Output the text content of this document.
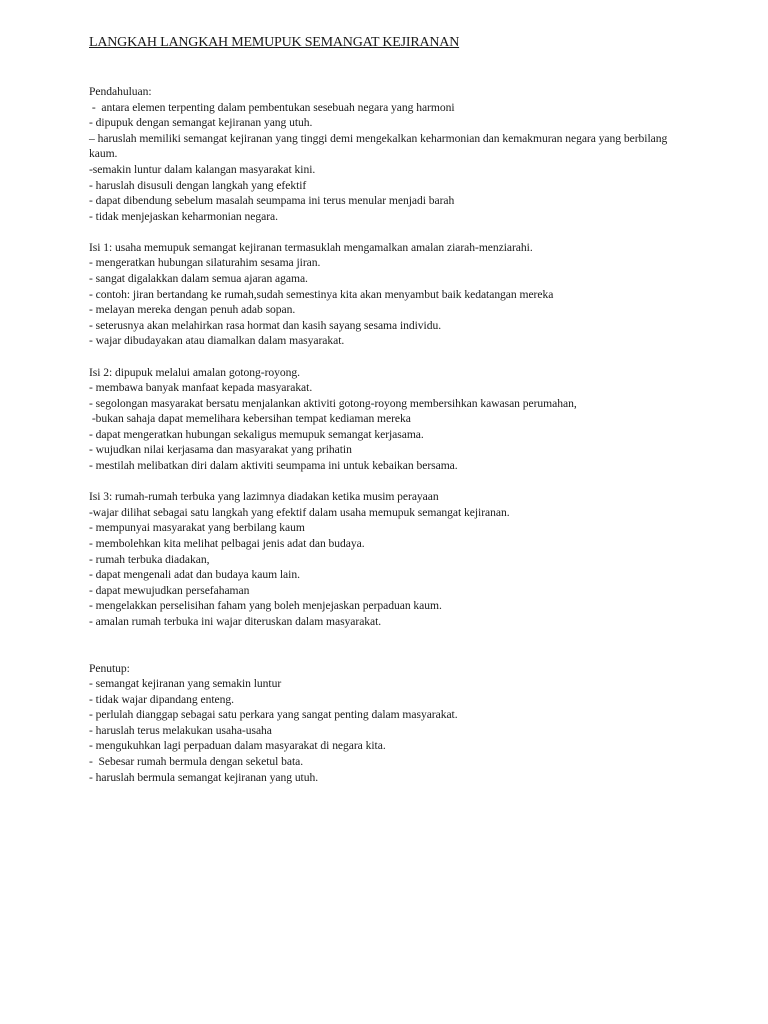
LANGKAH LANGKAH MEMUPUK SEMANGAT KEJIRANAN

Pendahuluan:

-  antara elemen terpenting dalam pembentukan sesebuah negara yang harmoni

- dipupuk dengan semangat kejiranan yang utuh.

– haruslah memiliki semangat kejiranan yang tinggi demi mengekalkan keharmonian dan kemakmuran negara yang berbilang kaum.

-semakin luntur dalam kalangan masyarakat kini.

- haruslah disusuli dengan langkah yang efektif

- dapat dibendung sebelum masalah seumpama ini terus menular menjadi barah

- tidak menjejaskan keharmonian negara.

Isi 1: usaha memupuk semangat kejiranan termasuklah mengamalkan amalan ziarah-menziarahi.

- mengeratkan hubungan silaturahim sesama jiran.

- sangat digalakkan dalam semua ajaran agama.

- contoh: jiran bertandang ke rumah,sudah semestinya kita akan menyambut baik kedatangan mereka

- melayan mereka dengan penuh adab sopan.

- seterusnya akan melahirkan rasa hormat dan kasih sayang sesama individu.

- wajar dibudayakan atau diamalkan dalam masyarakat.

Isi 2: dipupuk melalui amalan gotong-royong.

- membawa banyak manfaat kepada masyarakat.

- segolongan masyarakat bersatu menjalankan aktiviti gotong-royong membersihkan kawasan perumahan,

-bukan sahaja dapat memelihara kebersihan tempat kediaman mereka

- dapat mengeratkan hubungan sekaligus memupuk semangat kerjasama.

- wujudkan nilai kerjasama dan masyarakat yang prihatin

- mestilah melibatkan diri dalam aktiviti seumpama ini untuk kebaikan bersama.

Isi 3: rumah-rumah terbuka yang lazimnya diadakan ketika musim perayaan

-wajar dilihat sebagai satu langkah yang efektif dalam usaha memupuk semangat kejiranan.

- mempunyai masyarakat yang berbilang kaum

- membolehkan kita melihat pelbagai jenis adat dan budaya.

- rumah terbuka diadakan,

- dapat mengenali adat dan budaya kaum lain.

- dapat mewujudkan persefahaman

- mengelakkan perselisihan faham yang boleh menjejaskan perpaduan kaum.

- amalan rumah terbuka ini wajar diteruskan dalam masyarakat.

Penutup:

- semangat kejiranan yang semakin luntur

- tidak wajar dipandang enteng.

- perlulah dianggap sebagai satu perkara yang sangat penting dalam masyarakat.

- haruslah terus melakukan usaha-usaha

- mengukuhkan lagi perpaduan dalam masyarakat di negara kita.

-  Sebesar rumah bermula dengan seketul bata.

- haruslah bermula semangat kejiranan yang utuh.
